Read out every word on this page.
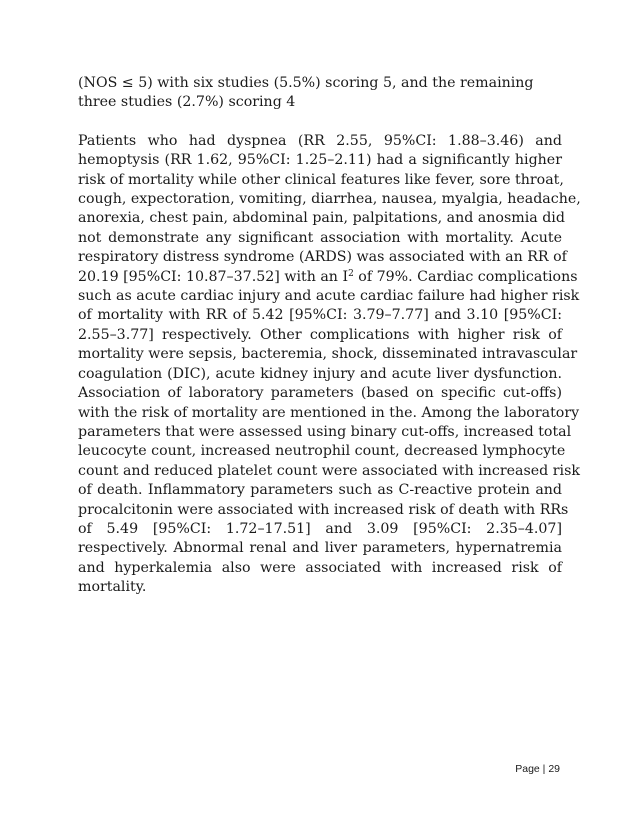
(NOS ≤ 5) with six studies (5.5%) scoring 5, and the remaining three studies (2.7%) scoring 4

Patients who had dyspnea (RR 2.55, 95%CI: 1.88–3.46) and
hemoptysis (RR 1.62, 95%CI: 1.25–2.11) had a significantly higher
risk of mortality while other clinical features like fever, sore throat,
cough, expectoration, vomiting, diarrhea, nausea, myalgia, headache,
anorexia, chest pain, abdominal pain, palpitations, and anosmia did
not demonstrate any significant association with mortality. Acute
respiratory distress syndrome (ARDS) was associated with an RR of
20.19 [95%CI: 10.87–37.52] with an $I^2$ of 79%. Cardiac complications
such as acute cardiac injury and acute cardiac failure had higher risk
of mortality with RR of 5.42 [95%CI: 3.79–7.77] and 3.10 [95%CI:
2.55–3.77] respectively. Other complications with higher risk of
mortality were sepsis, bacteremia, shock, disseminated intravascular
coagulation (DIC), acute kidney injury and acute liver dysfunction.
Association of laboratory parameters (based on specific cut-offs)
with the risk of mortality are mentioned in the. Among the laboratory
parameters that were assessed using binary cut-offs, increased total
leucocyte count, increased neutrophil count, decreased lymphocyte
count and reduced platelet count were associated with increased risk
of death. Inflammatory parameters such as C-reactive protein and
procalcitonin were associated with increased risk of death with RRs
of 5.49 [95%CI: 1.72–17.51] and 3.09 [95%CI: 2.35–4.07]
respectively. Abnormal renal and liver parameters, hypernatremia
and hyperkalemia also were associated with increased risk of
mortality.

Page | 29
